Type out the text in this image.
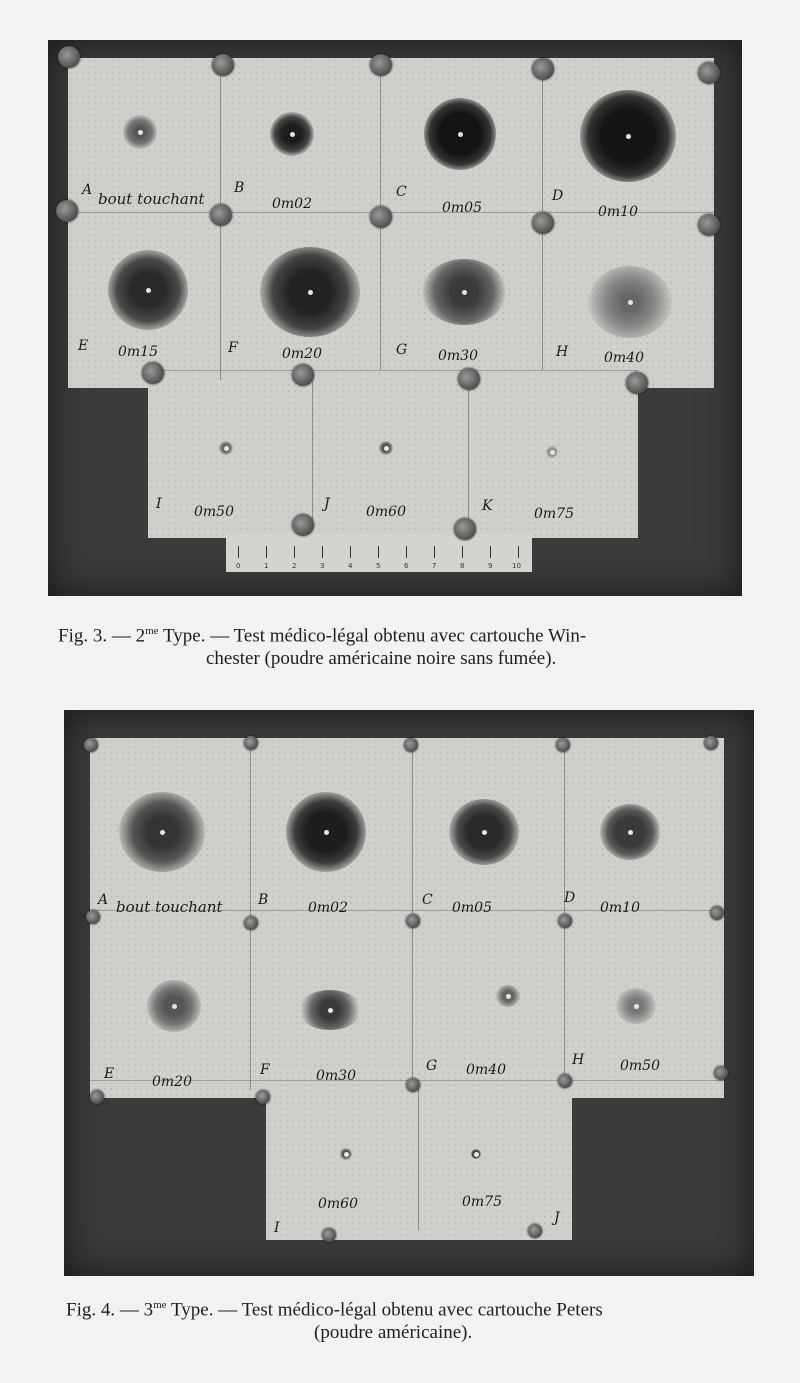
0	1	2	3	4	5	6	7	8	9	10
A bout touchant
B
0m02
C
0m05
D
0m10
E 0m15	F	0m20	G 0m30	H	0m40
I 0m50	J	0m60	K	0m75
Fig. 3. — $2^{me}$ Type. — Test médico-légal obtenu avec cartouche Win-
chester (poudre américaine noire sans fumée).
A bout touchant	B	0m02	C 0m05
D
0m10
E	0m20
F	0m30
G 0m40
H	0m50
I
0m60
J
0m75
Fig. 4. — $3^{me}$ Type. — Test médico-légal obtenu avec cartouche Peters
(poudre américaine).
